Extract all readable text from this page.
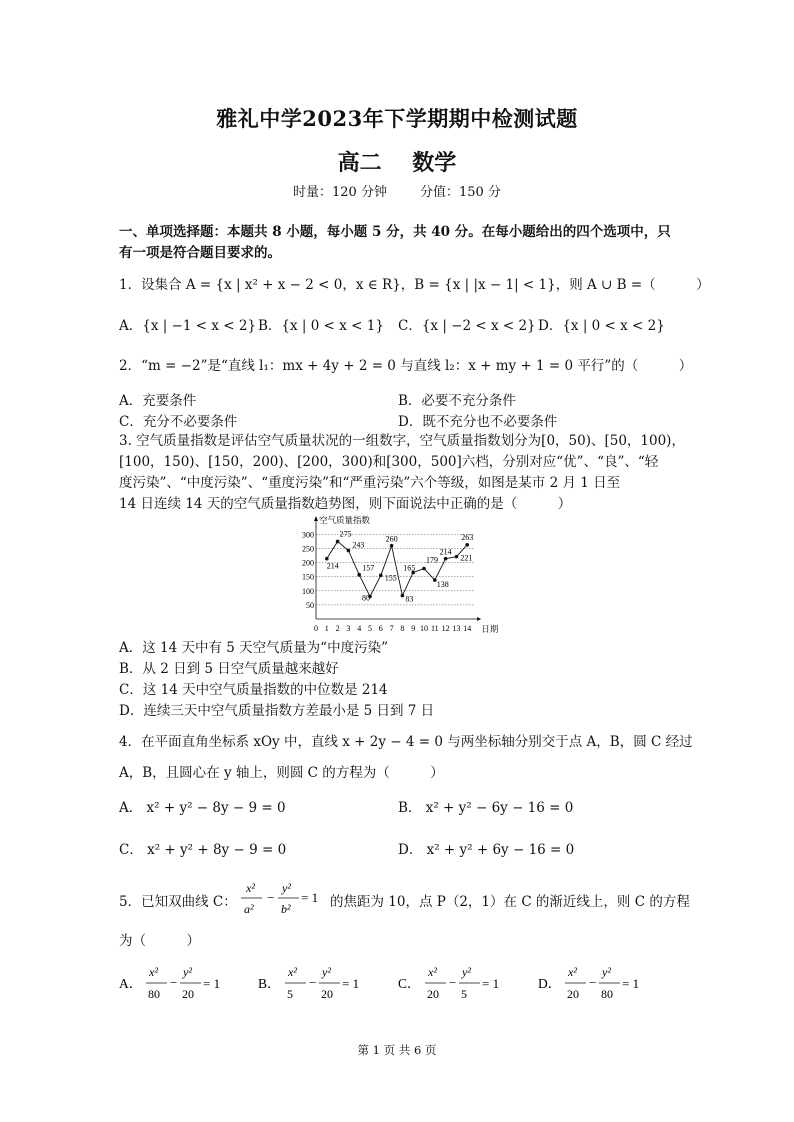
雅礼中学2023年下学期期中检测试题
高二    数学
时量：120 分钟        分值：150 分
一、单项选择题：本题共 8 小题，每小题 5 分，共 40 分。在每小题给出的四个选项中，只
有一项是符合题目要求的。
1．设集合 A = {x | x² + x − 2 < 0，x ∈ R}，B = {x | |x − 1| < 1}，则 A ∪ B =（　　　）
A．{x | −1 < x < 2} B．{x | 0 < x < 1} C．{x | −2 < x < 2} D．{x | 0 < x < 2}
2．“m = −2”是“直线 l₁：mx + 4y + 2 = 0 与直线 l₂：x + my + 1 = 0 平行”的（　　　）
A．充要条件	B．必要不充分条件
C．充分不必要条件	D．既不充分也不必要条件
3. 空气质量指数是评估空气质量状况的一组数字，空气质量指数划分为[0，50)、[50，100)，
[100，150)、[150，200)、[200，300)和[300，500]六档，分别对应“优”、“良”、“轻
度污染”、“中度污染”、“重度污染”和“严重污染”六个等级，如图是某市 2 月 1 日至
14 日连续 14 天的空气质量指数趋势图，则下面说法中正确的是（　　　）
50
100
150
200
250
300
空气质量指数
日期
0 1 2 3 4 5 6 7 8 9 10 11 12 13 14
214
275
243
157
80
155
260
83
165
179
138
214
221
263
A．这 14 天中有 5 天空气质量为“中度污染”
B．从 2 日到 5 日空气质量越来越好
C．这 14 天中空气质量指数的中位数是 214
D．连续三天中空气质量指数方差最小是 5 日到 7 日
4．在平面直角坐标系 xOy 中，直线 x + 2y − 4 = 0 与两坐标轴分别交于点 A，B，圆 C 经过
A，B，且圆心在 y 轴上，则圆 C 的方程为（　　　）
A． x² + y² − 8y − 9 = 0	B． x² + y² − 6y − 16 = 0
C． x² + y² + 8y − 9 = 0	D． x² + y² + 6y − 16 = 0
5．已知双曲线 C：
x²
a²
−
y²
b²
= 1 的焦距为 10，点 P（2，1）在 C 的渐近线上，则 C 的方程
为（　　　）
A．
x²
80
−
y²
20
= 1	B．
x²
5
−
y²
20
= 1	C．
x²
20
−
y²
5
= 1	D．
x²
20
−
y²
80
= 1
第 1 页 共 6 页
